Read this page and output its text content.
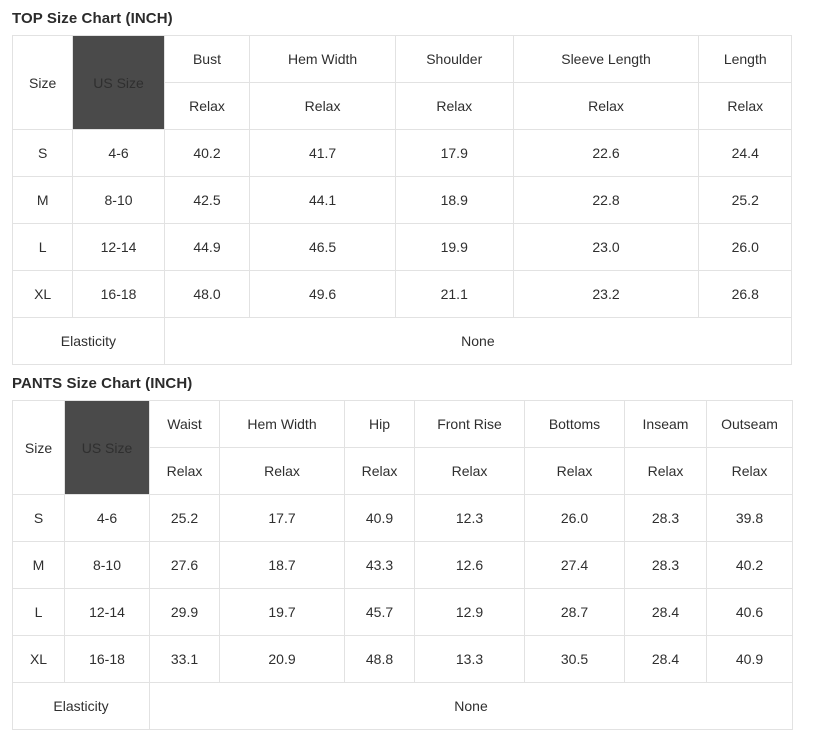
TOP Size Chart (INCH)
Size	US Size	Bust	Hem Width	Shoulder	Sleeve Length	Length
		Relax	Relax	Relax	Relax	Relax
S	4-6	40.2	41.7	17.9	22.6	24.4
M	8-10	42.5	44.1	18.9	22.8	25.2
L	12-14	44.9	46.5	19.9	23.0	26.0
XL	16-18	48.0	49.6	21.1	23.2	26.8
Elasticity		None				
PANTS Size Chart (INCH)
Size	US Size	Waist	Hem Width	Hip	Front Rise	Bottoms	Inseam	Outseam
		Relax	Relax	Relax	Relax	Relax	Relax	Relax
S	4-6	25.2	17.7	40.9	12.3	26.0	28.3	39.8
M	8-10	27.6	18.7	43.3	12.6	27.4	28.3	40.2
L	12-14	29.9	19.7	45.7	12.9	28.7	28.4	40.6
XL	16-18	33.1	20.9	48.8	13.3	30.5	28.4	40.9
Elasticity		None						
